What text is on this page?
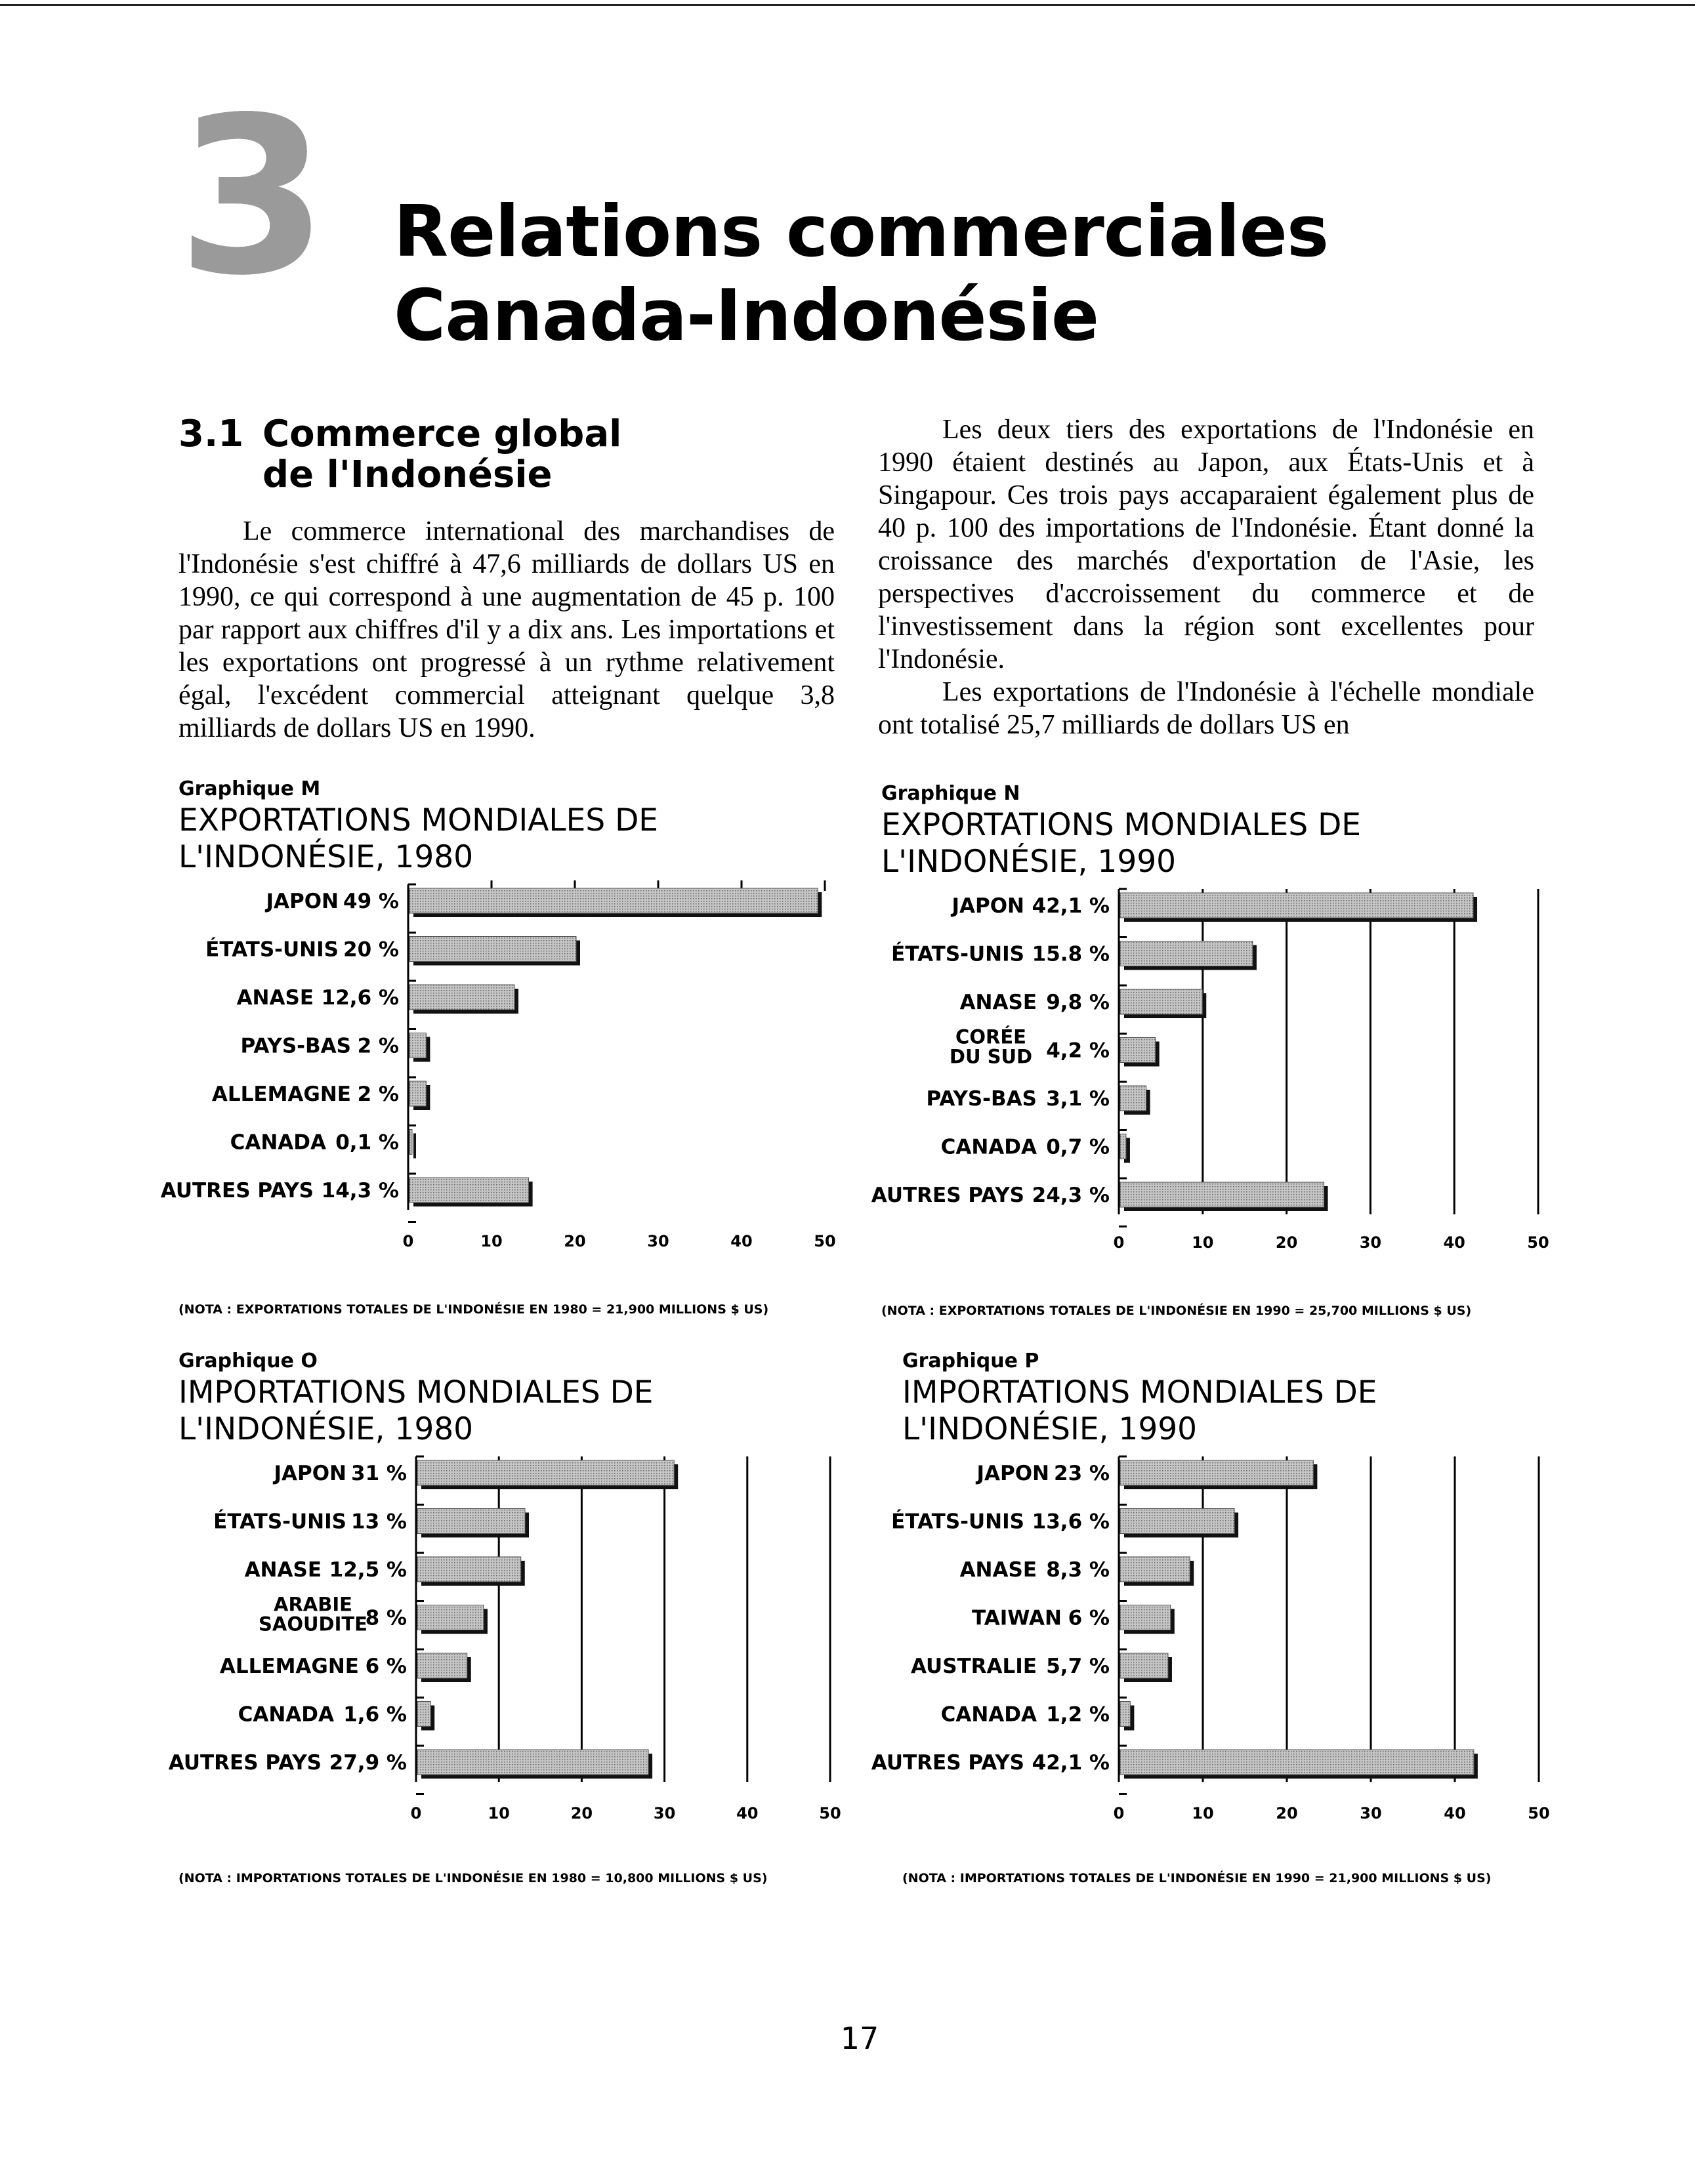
3 Relations commerciales
Canada-Indonésie
3.1 Commerce global
de l'Indonésie

Le commerce international des marchandises de l'Indonésie s'est chiffré à 47,6 milliards de dollars US en 1990, ce qui correspond à une augmentation de 45 p. 100 par rapport aux chiffres d'il y a dix ans. Les importations et les exportations ont progressé à un rythme relativement égal, l'excédent commercial atteignant quelque 3,8 milliards de dollars US en 1990.

Les deux tiers des exportations de l'Indonésie en 1990 étaient destinés au Japon, aux États-Unis et à Singapour. Ces trois pays accaparaient également plus de 40 p. 100 des importations de l'Indonésie. Étant donné la croissance des marchés d'exportation de l'Asie, les perspectives d'accroissement du commerce et de l'investissement dans la région sont excellentes pour l'Indonésie.

Les exportations de l'Indonésie à l'échelle mondiale ont totalisé 25,7 milliards de dollars US en

Graphique M
EXPORTATIONS MONDIALES DE
L'INDONÉSIE, 1980
49 %
JAPON
20 %
ÉTATS-UNIS
12,6 %
ANASE
2 %
PAYS-BAS
2 %
ALLEMAGNE
0,1 %
CANADA
14,3 %
AUTRES PAYS
0	10	20	30	40	50
(NOTA : EXPORTATIONS TOTALES DE L'INDONÉSIE EN 1980 = 21,900 MILLIONS $ US)
Graphique N
EXPORTATIONS MONDIALES DE
L'INDONÉSIE, 1990
42,1 %
JAPON
15.8 %
ÉTATS-UNIS
9,8 %
ANASE
4,2 %
CORÉE
DU SUD
3,1 %
PAYS-BAS
0,7 %
CANADA
24,3 %
AUTRES PAYS
0	10	20	30	40	50
(NOTA : EXPORTATIONS TOTALES DE L'INDONÉSIE EN 1990 = 25,700 MILLIONS $ US)
Graphique O
IMPORTATIONS MONDIALES DE
L'INDONÉSIE, 1980
31 %
JAPON
13 %
ÉTATS-UNIS
12,5 %
ANASE
8 %
ARABIE
SAOUDITE
6 %
ALLEMAGNE
1,6 %
CANADA
27,9 %
AUTRES PAYS
0	10	20	30	40	50
(NOTA : IMPORTATIONS TOTALES DE L'INDONÉSIE EN 1980 = 10,800 MILLIONS $ US)
Graphique P
IMPORTATIONS MONDIALES DE
L'INDONÉSIE, 1990
23 %
JAPON
13,6 %
ÉTATS-UNIS
8,3 %
ANASE
6 %
TAIWAN
5,7 %
AUSTRALIE
1,2 %
CANADA
42,1 %
AUTRES PAYS
0	10	20	30	40	50
(NOTA : IMPORTATIONS TOTALES DE L'INDONÉSIE EN 1990 = 21,900 MILLIONS $ US)
17
